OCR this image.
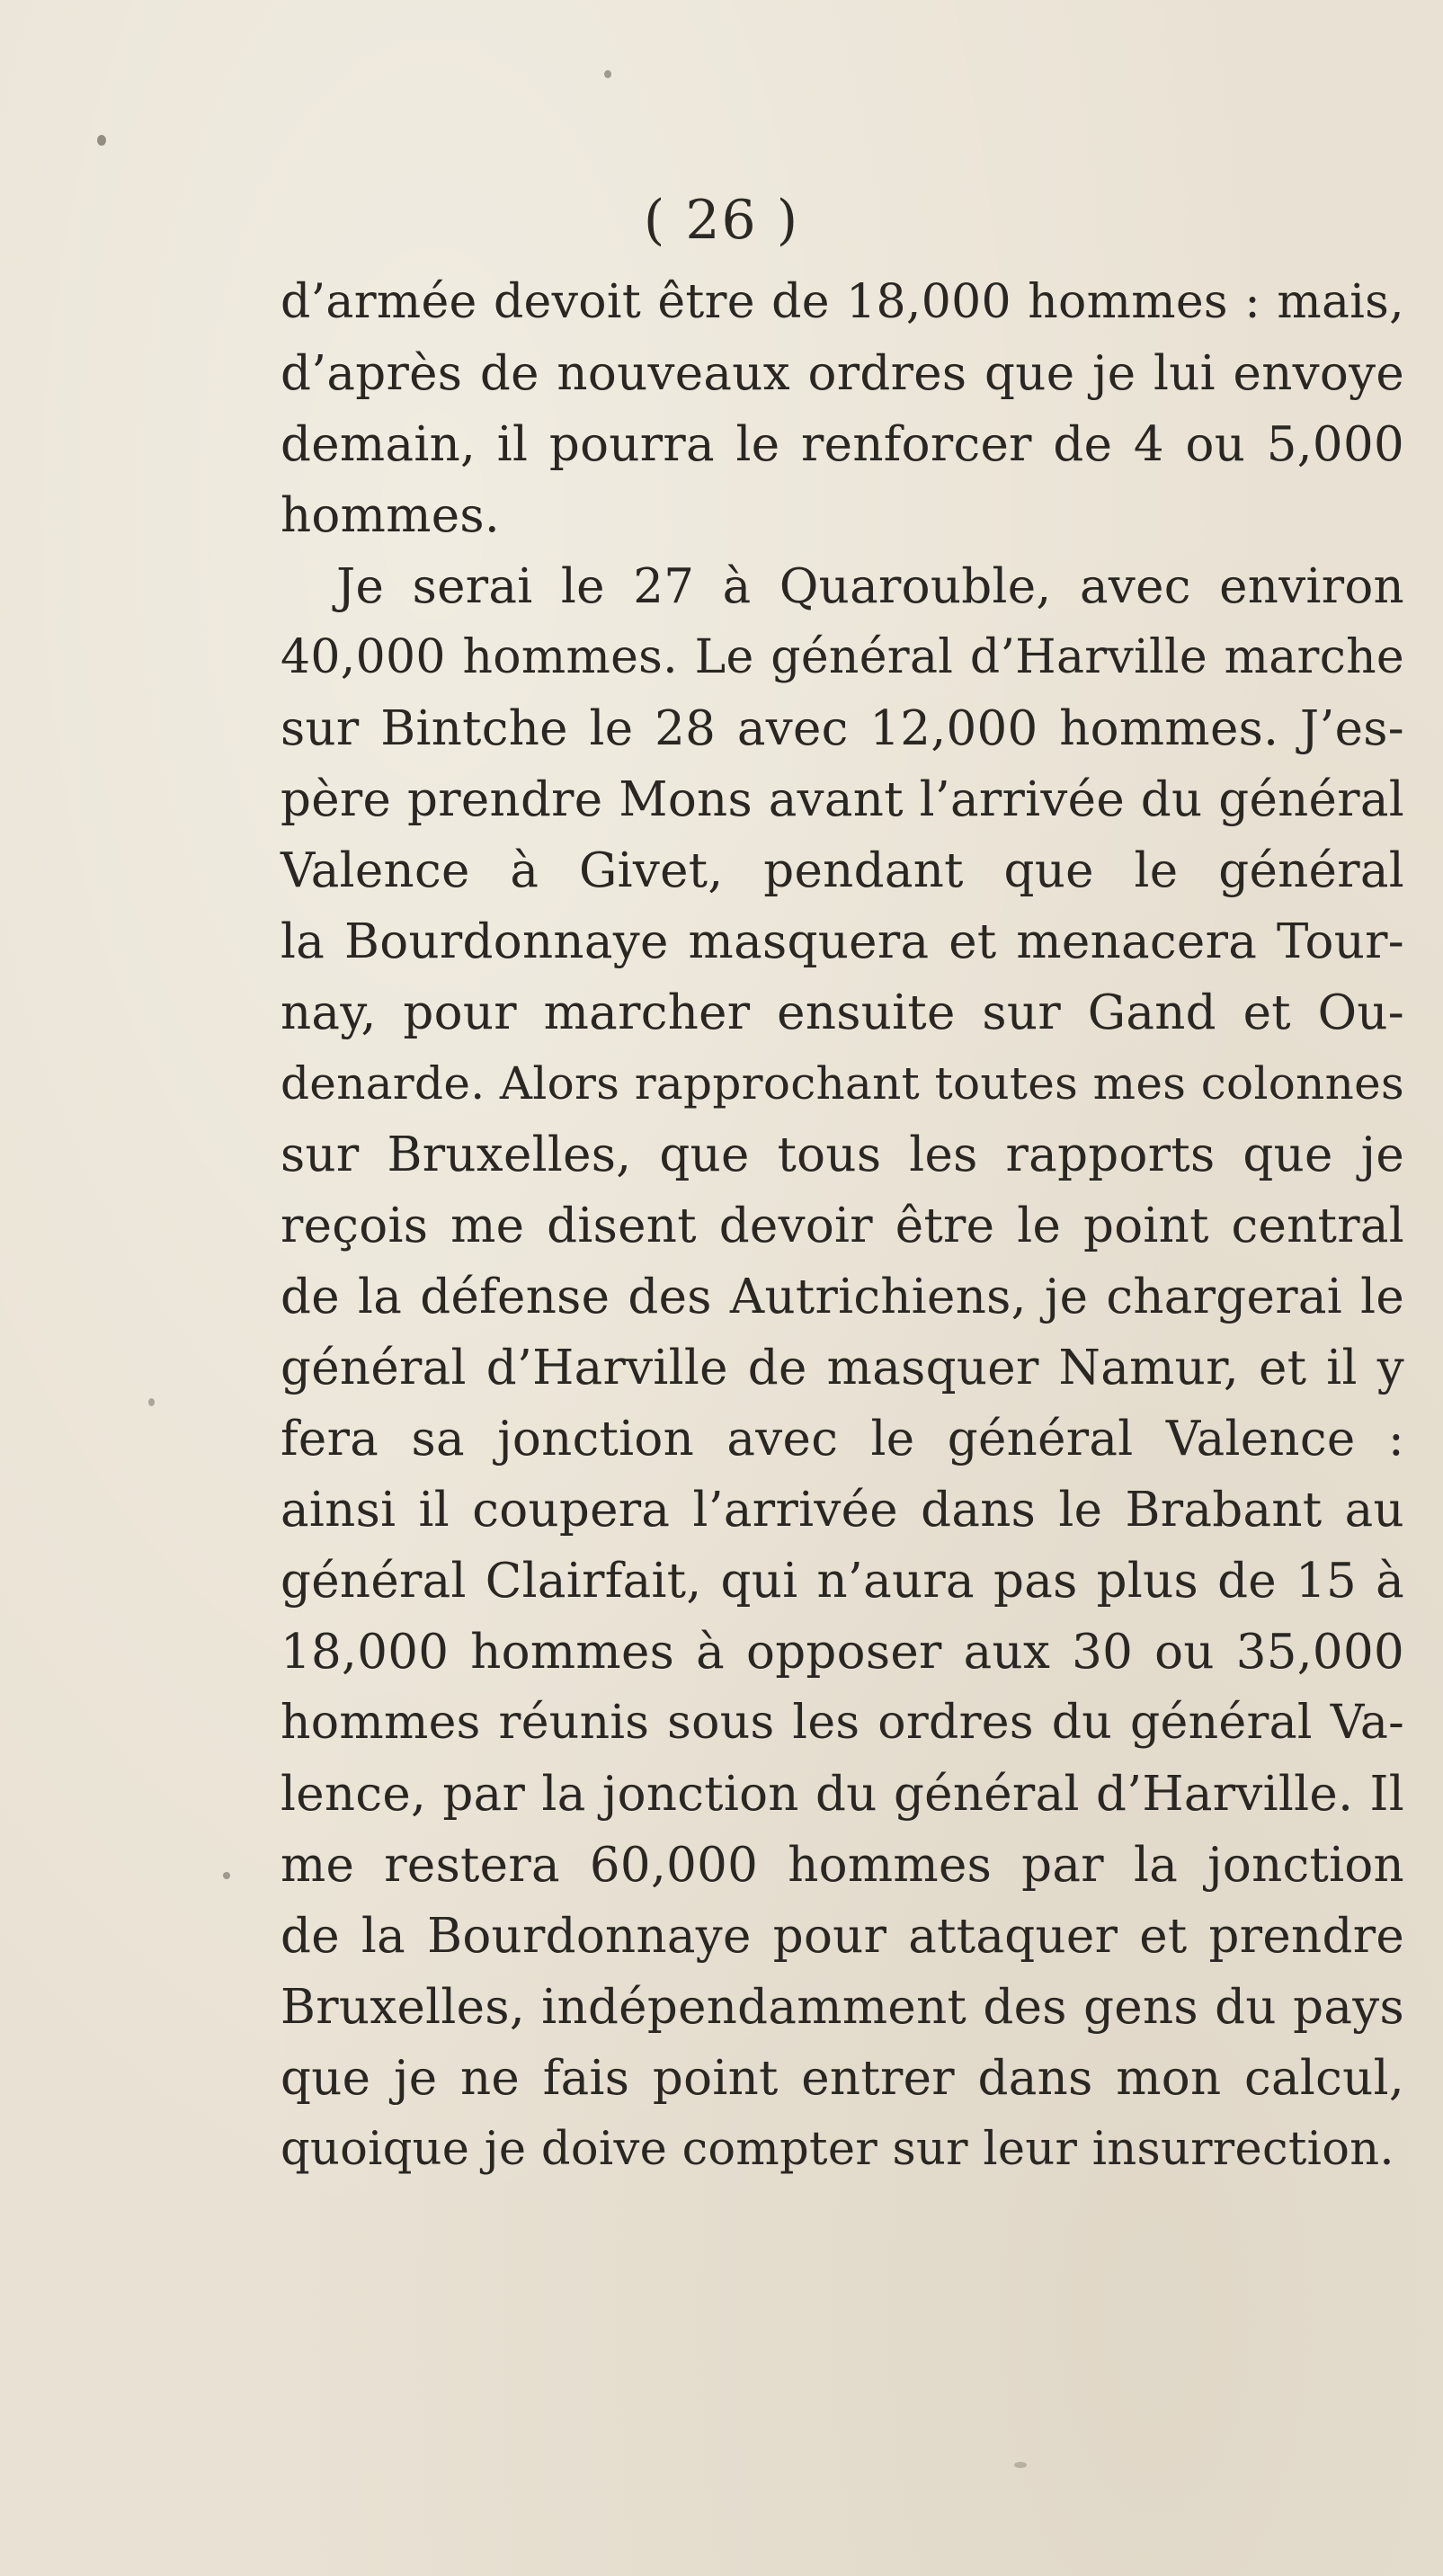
( 26 )
d’armée devoit être de 18,000 hommes : mais,
d’après de nouveaux ordres que je lui envoye
demain, il pourra le renforcer de 4 ou 5,000
hommes.
Je serai le 27 à Quarouble, avec environ
40,000 hommes. Le général d’Harville marche
sur Bintche le 28 avec 12,000 hommes. J’es-
père prendre Mons avant l’arrivée du général
Valence à Givet, pendant que le général
la Bourdonnaye masquera et menacera Tour-
nay, pour marcher ensuite sur Gand et Ou-
denarde. Alors rapprochant toutes mes colonnes
sur Bruxelles, que tous les rapports que je
reçois me disent devoir être le point central
de la défense des Autrichiens, je chargerai le
général d’Harville de masquer Namur, et il y
fera sa jonction avec le général Valence :
ainsi il coupera l’arrivée dans le Brabant au
général Clairfait, qui n’aura pas plus de 15 à
18,000 hommes à opposer aux 30 ou 35,000
hommes réunis sous les ordres du général Va-
lence, par la jonction du général d’Harville. Il
me restera 60,000 hommes par la jonction
de la Bourdonnaye pour attaquer et prendre
Bruxelles, indépendamment des gens du pays
que je ne fais point entrer dans mon calcul,
quoique je doive compter sur leur insurrection.
